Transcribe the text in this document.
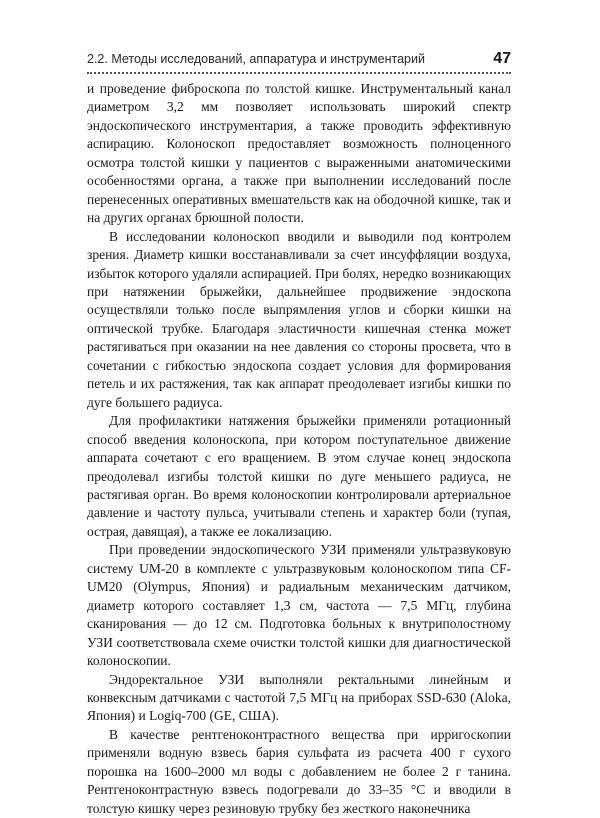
2.2. Методы исследований, аппаратура и инструментарий	47

и проведение фиброскопа по толстой кишке. Инструментальный канал диаметром 3,2 мм позволяет использовать широкий спектр эндоскопического инструментария, а также проводить эффективную аспирацию. Колоноскоп предоставляет возможность полноценного осмотра толстой кишки у пациентов с выраженными анатомическими особенностями органа, а также при выполнении исследований после перенесенных оперативных вмешательств как на ободочной кишке, так и на других органах брюшной полости.

В исследовании колоноскоп вводили и выводили под контролем зрения. Диаметр кишки восстанавливали за счет инсуффляции воздуха, избыток которого удаляли аспирацией. При болях, нередко возникающих при натяжении брыжейки, дальнейшее продвижение эндоскопа осуществляли только после выпрямления углов и сборки кишки на оптической трубке. Благодаря эластичности кишечная стенка может растягиваться при оказании на нее давления со стороны просвета, что в сочетании с гибкостью эндоскопа создает условия для формирования петель и их растяжения, так как аппарат преодолевает изгибы кишки по дуге большего радиуса.

Для профилактики натяжения брыжейки применяли ротационный способ введения колоноскопа, при котором поступательное движение аппарата сочетают с его вращением. В этом случае конец эндоскопа преодолевал изгибы толстой кишки по дуге меньшего радиуса, не растягивая орган. Во время колоноскопии контролировали артериальное давление и частоту пульса, учитывали степень и характер боли (тупая, острая, давящая), а также ее локализацию.

При проведении эндоскопического УЗИ применяли ультразвуковую систему UM-20 в комплекте с ультразвуковым колоноскопом типа CF-UM20 (Olympus, Япония) и радиальным механическим датчиком, диаметр которого составляет 1,3 см, частота — 7,5 МГц, глубина сканирования — до 12 см. Подготовка больных к внутриполостному УЗИ соответствовала схеме очистки толстой кишки для диагностической колоноскопии.

Эндоректальное УЗИ выполняли ректальными линейным и конвексным датчиками с частотой 7,5 МГц на приборах SSD-630 (Aloka, Япония) и Logiq-700 (GE, США).

В качестве рентгеноконтрастного вещества при ирригоскопии применяли водную взвесь бария сульфата из расчета 400 г сухого порошка на 1600–2000 мл воды с добавлением не более 2 г танина. Рентгеноконтрастную взвесь подогревали до 33–35 °C и вводили в толстую кишку через резиновую трубку без жесткого наконечника
